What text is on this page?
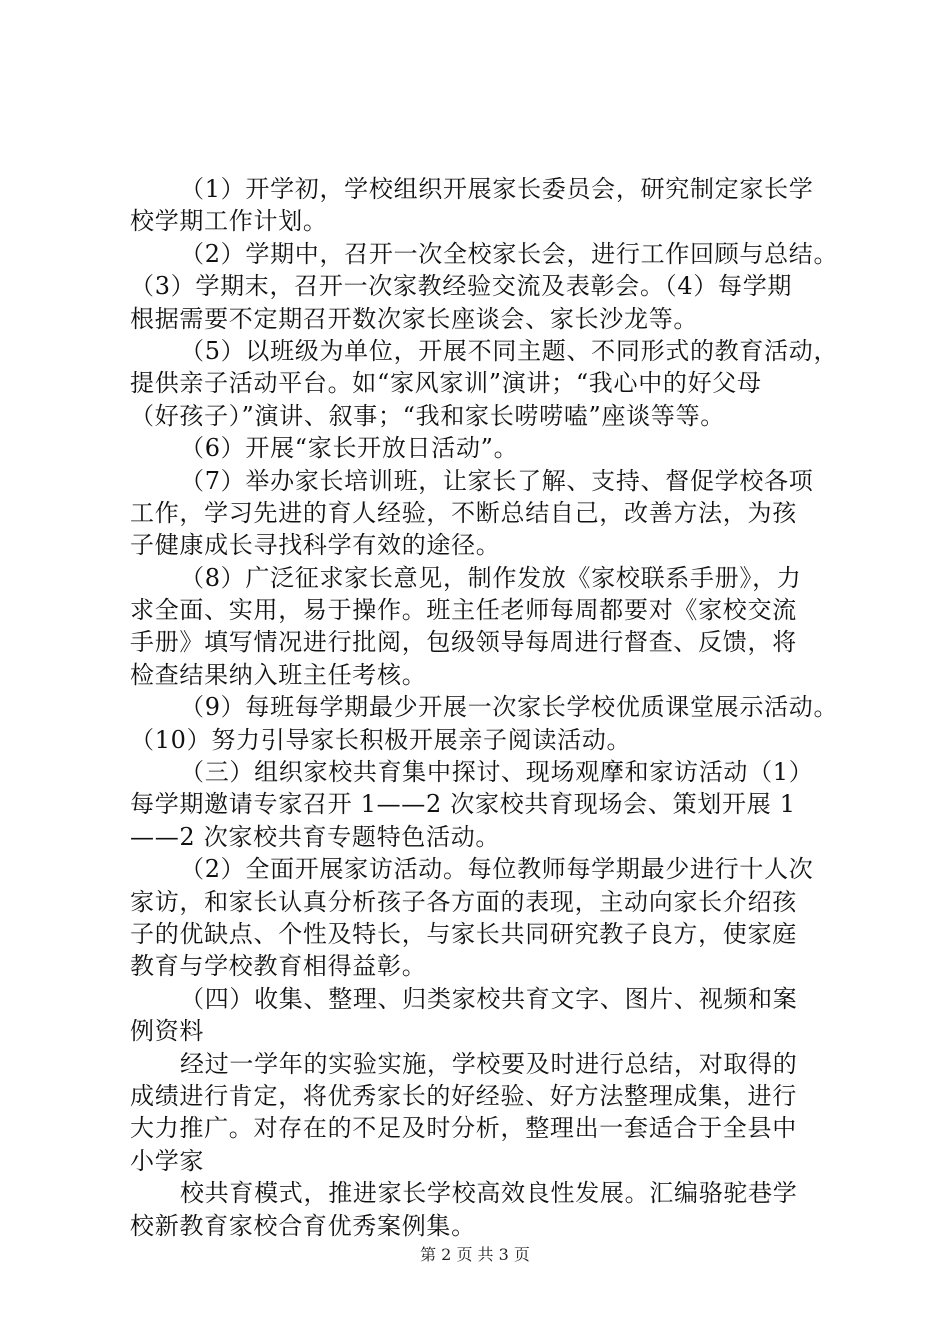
（1）开学初，学校组织开展家长委员会，研究制定家长学
校学期工作计划。
（2）学期中，召开一次全校家长会，进行工作回顾与总结。
（3）学期末，召开一次家教经验交流及表彰会。（4）每学期
根据需要不定期召开数次家长座谈会、家长沙龙等。
（5）以班级为单位，开展不同主题、不同形式的教育活动，
提供亲子活动平台。如“家风家训”演讲；“我心中的好父母
（好孩子）”演讲、叙事；“我和家长唠唠嗑”座谈等等。
（6）开展“家长开放日活动”。
（7）举办家长培训班，让家长了解、支持、督促学校各项
工作，学习先进的育人经验，不断总结自己，改善方法，为孩
子健康成长寻找科学有效的途径。
（8）广泛征求家长意见，制作发放《家校联系手册》，力
求全面、实用，易于操作。班主任老师每周都要对《家校交流
手册》填写情况进行批阅，包级领导每周进行督查、反馈，将
检查结果纳入班主任考核。
（9）每班每学期最少开展一次家长学校优质课堂展示活动。
（10）努力引导家长积极开展亲子阅读活动。
（三）组织家校共育集中探讨、现场观摩和家访活动（1）
每学期邀请专家召开 1——2 次家校共育现场会、策划开展 1
——2 次家校共育专题特色活动。
（2）全面开展家访活动。每位教师每学期最少进行十人次
家访，和家长认真分析孩子各方面的表现，主动向家长介绍孩
子的优缺点、个性及特长，与家长共同研究教子良方，使家庭
教育与学校教育相得益彰。
（四）收集、整理、归类家校共育文字、图片、视频和案
例资料
经过一学年的实验实施，学校要及时进行总结，对取得的
成绩进行肯定，将优秀家长的好经验、好方法整理成集，进行
大力推广。对存在的不足及时分析，整理出一套适合于全县中
小学家
校共育模式，推进家长学校高效良性发展。汇编骆驼巷学
校新教育家校合育优秀案例集。
第 2 页 共 3 页
